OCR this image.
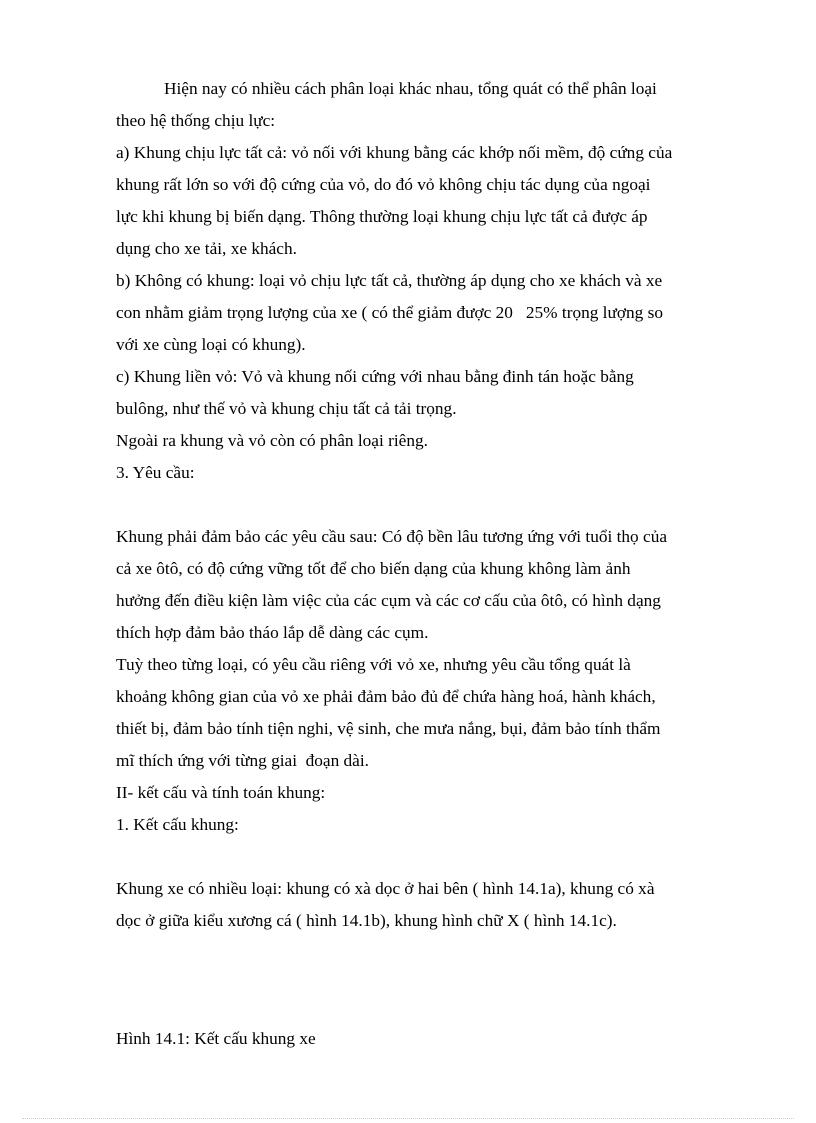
Hiện nay có nhiều cách phân loại khác nhau, tổng quát có thể phân loại
theo hệ thống chịu lực:
a) Khung chịu lực tất cả: vỏ nối với khung bằng các khớp nối mềm, độ cứng của
khung rất lớn so với độ cứng của vỏ, do đó vỏ không chịu tác dụng của ngoại
lực khi khung bị biến dạng. Thông thường loại khung chịu lực tất cả được áp
dụng cho xe tải, xe khách.
b) Không có khung: loại vỏ chịu lực tất cả, thường áp dụng cho xe khách và xe
con nhằm giảm trọng lượng của xe ( có thể giảm được 20   25% trọng lượng so
với xe cùng loại có khung).
c) Khung liền vỏ: Vỏ và khung nối cứng với nhau bằng đinh tán hoặc bằng
bulông, như thế vỏ và khung chịu tất cả tải trọng.
Ngoài ra khung và vỏ còn có phân loại riêng.
3. Yêu cầu:
Khung phải đảm bảo các yêu cầu sau: Có độ bền lâu tương ứng với tuổi thọ của
cả xe ôtô, có độ cứng vững tốt để cho biến dạng của khung không làm ảnh
hưởng đến điều kiện làm việc của các cụm và các cơ cấu của ôtô, có hình dạng
thích hợp đảm bảo tháo lắp dễ dàng các cụm.
Tuỳ theo từng loại, có yêu cầu riêng với vỏ xe, nhưng yêu cầu tổng quát là
khoảng không gian của vỏ xe phải đảm bảo đủ để chứa hàng hoá, hành khách,
thiết bị, đảm bảo tính tiện nghi, vệ sinh, che mưa nắng, bụi, đảm bảo tính thẩm
mĩ thích ứng với từng giai  đoạn dài.
II- kết cấu và tính toán khung:
1. Kết cấu khung:
Khung xe có nhiều loại: khung có xà dọc ở hai bên ( hình 14.1a), khung có xà
dọc ở giữa kiểu xương cá ( hình 14.1b), khung hình chữ X ( hình 14.1c).
Hình 14.1: Kết cấu khung xe
